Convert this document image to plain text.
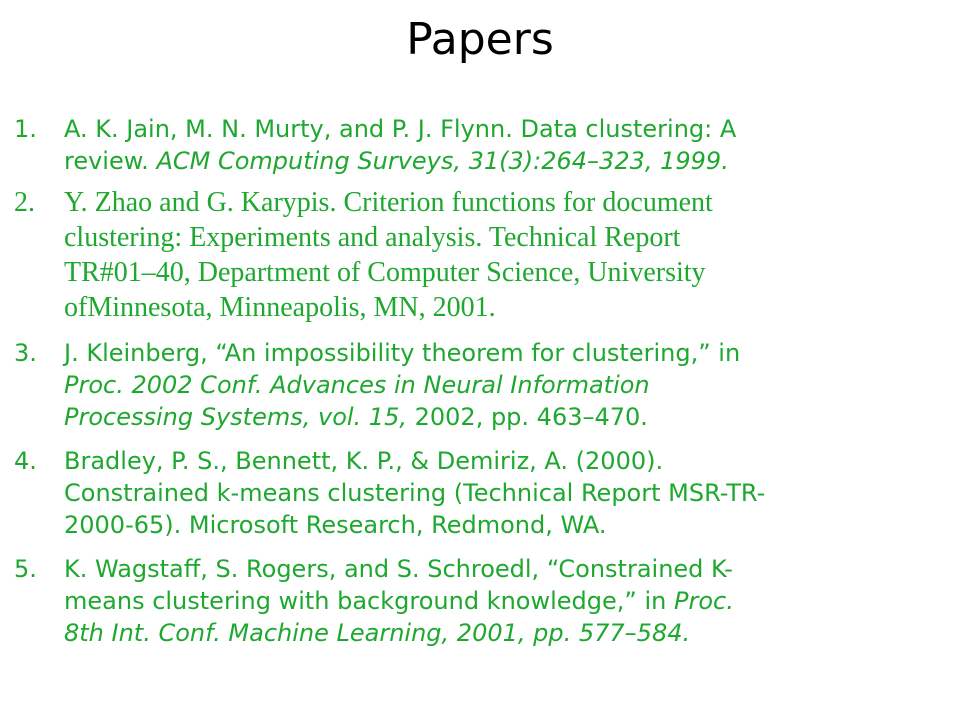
Papers
1.	A. K. Jain, M. N. Murty, and P. J. Flynn. Data clustering: A
review. ACM Computing Surveys, 31(3):264–323, 1999.
2.	Y. Zhao and G. Karypis. Criterion functions for document
clustering: Experiments and analysis. Technical Report
TR#01–40, Department of Computer Science, University
ofMinnesota, Minneapolis, MN, 2001.
3.	J. Kleinberg, “An impossibility theorem for clustering,” in
Proc. 2002 Conf. Advances in Neural Information
Processing Systems, vol. 15, 2002, pp. 463–470.
4.	Bradley, P. S., Bennett, K. P., & Demiriz, A. (2000).
Constrained k-means clustering (Technical Report MSR-TR-
2000-65). Microsoft Research, Redmond, WA.
5.	K. Wagstaff, S. Rogers, and S. Schroedl, “Constrained K-
means clustering with background knowledge,” in Proc.
8th Int. Conf. Machine Learning, 2001, pp. 577–584.
